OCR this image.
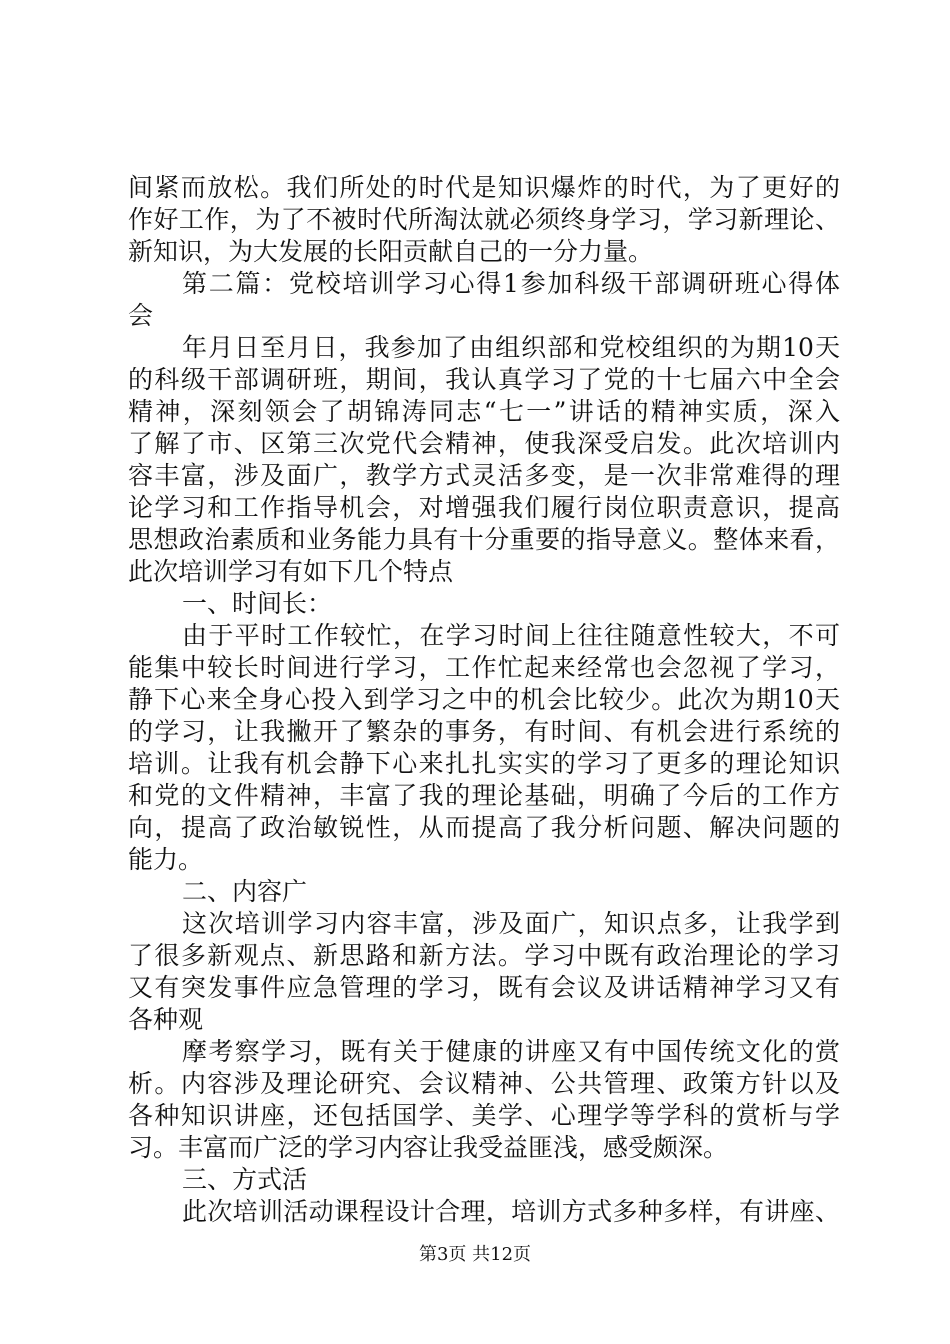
间紧而放松。我们所处的时代是知识爆炸的时代，为了更好的
作好工作，为了不被时代所淘汰就必须终身学习，学习新理论、
新知识，为大发展的长阳贡献自己的一分力量。
第二篇：党校培训学习心得1参加科级干部调研班心得体
会
年月日至月日，我参加了由组织部和党校组织的为期10天
的科级干部调研班，期间，我认真学习了党的十七届六中全会
精神，深刻领会了胡锦涛同志“七一”讲话的精神实质，深入
了解了市、区第三次党代会精神，使我深受启发。此次培训内
容丰富，涉及面广，教学方式灵活多变，是一次非常难得的理
论学习和工作指导机会，对增强我们履行岗位职责意识，提高
思想政治素质和业务能力具有十分重要的指导意义。整体来看，
此次培训学习有如下几个特点
一、时间长：
由于平时工作较忙，在学习时间上往往随意性较大，不可
能集中较长时间进行学习，工作忙起来经常也会忽视了学习，
静下心来全身心投入到学习之中的机会比较少。此次为期10天
的学习，让我撇开了繁杂的事务，有时间、有机会进行系统的
培训。让我有机会静下心来扎扎实实的学习了更多的理论知识
和党的文件精神，丰富了我的理论基础，明确了今后的工作方
向，提高了政治敏锐性，从而提高了我分析问题、解决问题的
能力。
二、内容广
这次培训学习内容丰富，涉及面广，知识点多，让我学到
了很多新观点、新思路和新方法。学习中既有政治理论的学习
又有突发事件应急管理的学习，既有会议及讲话精神学习又有
各种观
摩考察学习，既有关于健康的讲座又有中国传统文化的赏
析。内容涉及理论研究、会议精神、公共管理、政策方针以及
各种知识讲座，还包括国学、美学、心理学等学科的赏析与学
习。丰富而广泛的学习内容让我受益匪浅，感受颇深。
三、方式活
此次培训活动课程设计合理，培训方式多种多样，有讲座、
第3页 共12页
